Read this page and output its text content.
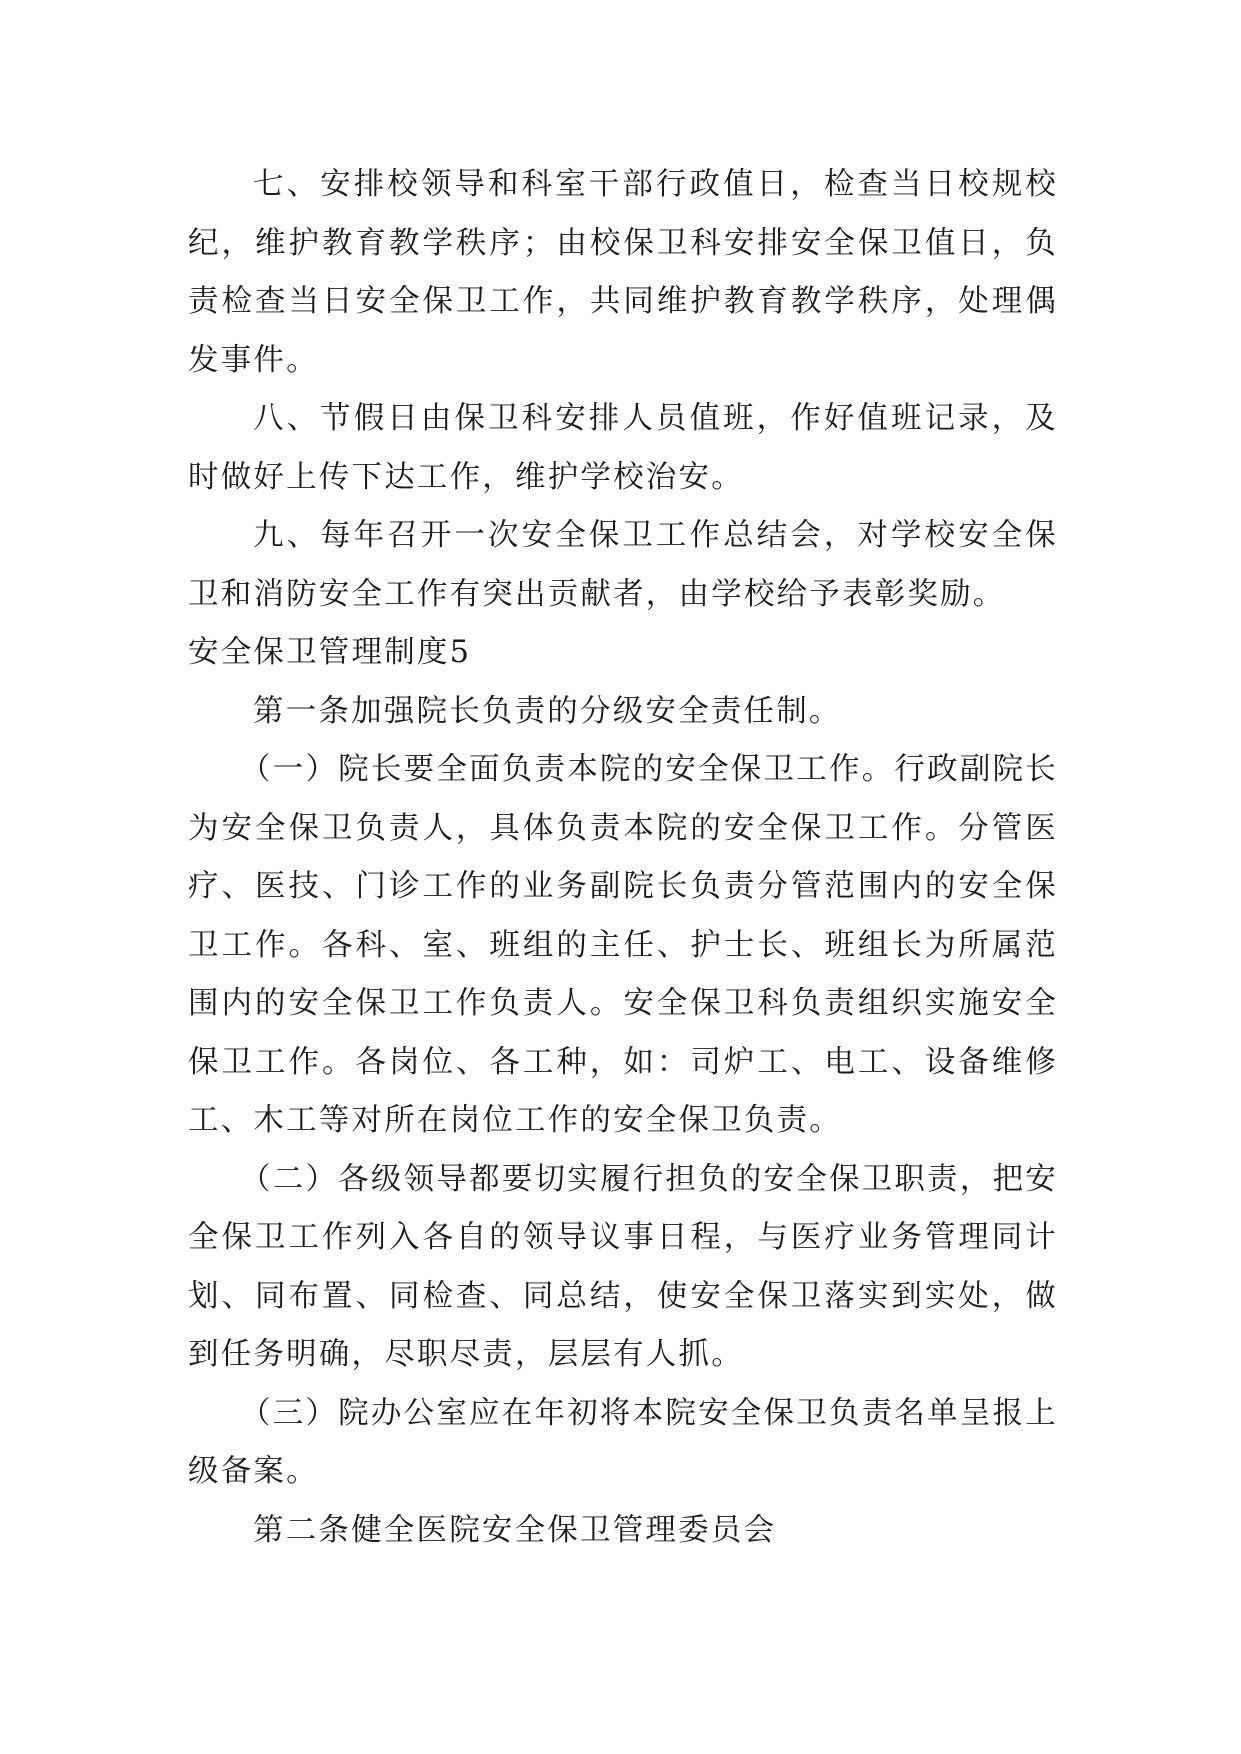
七、安排校领导和科室干部行政值日，检查当日校规校纪，维护教育教学秩序；由校保卫科安排安全保卫值日，负责检查当日安全保卫工作，共同维护教育教学秩序，处理偶发事件。

八、节假日由保卫科安排人员值班，作好值班记录，及时做好上传下达工作，维护学校治安。

九、每年召开一次安全保卫工作总结会，对学校安全保卫和消防安全工作有突出贡献者，由学校给予表彰奖励。

安全保卫管理制度5

第一条加强院长负责的分级安全责任制。

（一）院长要全面负责本院的安全保卫工作。行政副院长为安全保卫负责人，具体负责本院的安全保卫工作。分管医疗、医技、门诊工作的业务副院长负责分管范围内的安全保卫工作。各科、室、班组的主任、护士长、班组长为所属范围内的安全保卫工作负责人。安全保卫科负责组织实施安全保卫工作。各岗位、各工种，如：司炉工、电工、设备维修工、木工等对所在岗位工作的安全保卫负责。

（二）各级领导都要切实履行担负的安全保卫职责，把安全保卫工作列入各自的领导议事日程，与医疗业务管理同计划、同布置、同检查、同总结，使安全保卫落实到实处，做到任务明确，尽职尽责，层层有人抓。

（三）院办公室应在年初将本院安全保卫负责名单呈报上级备案。

第二条健全医院安全保卫管理委员会
